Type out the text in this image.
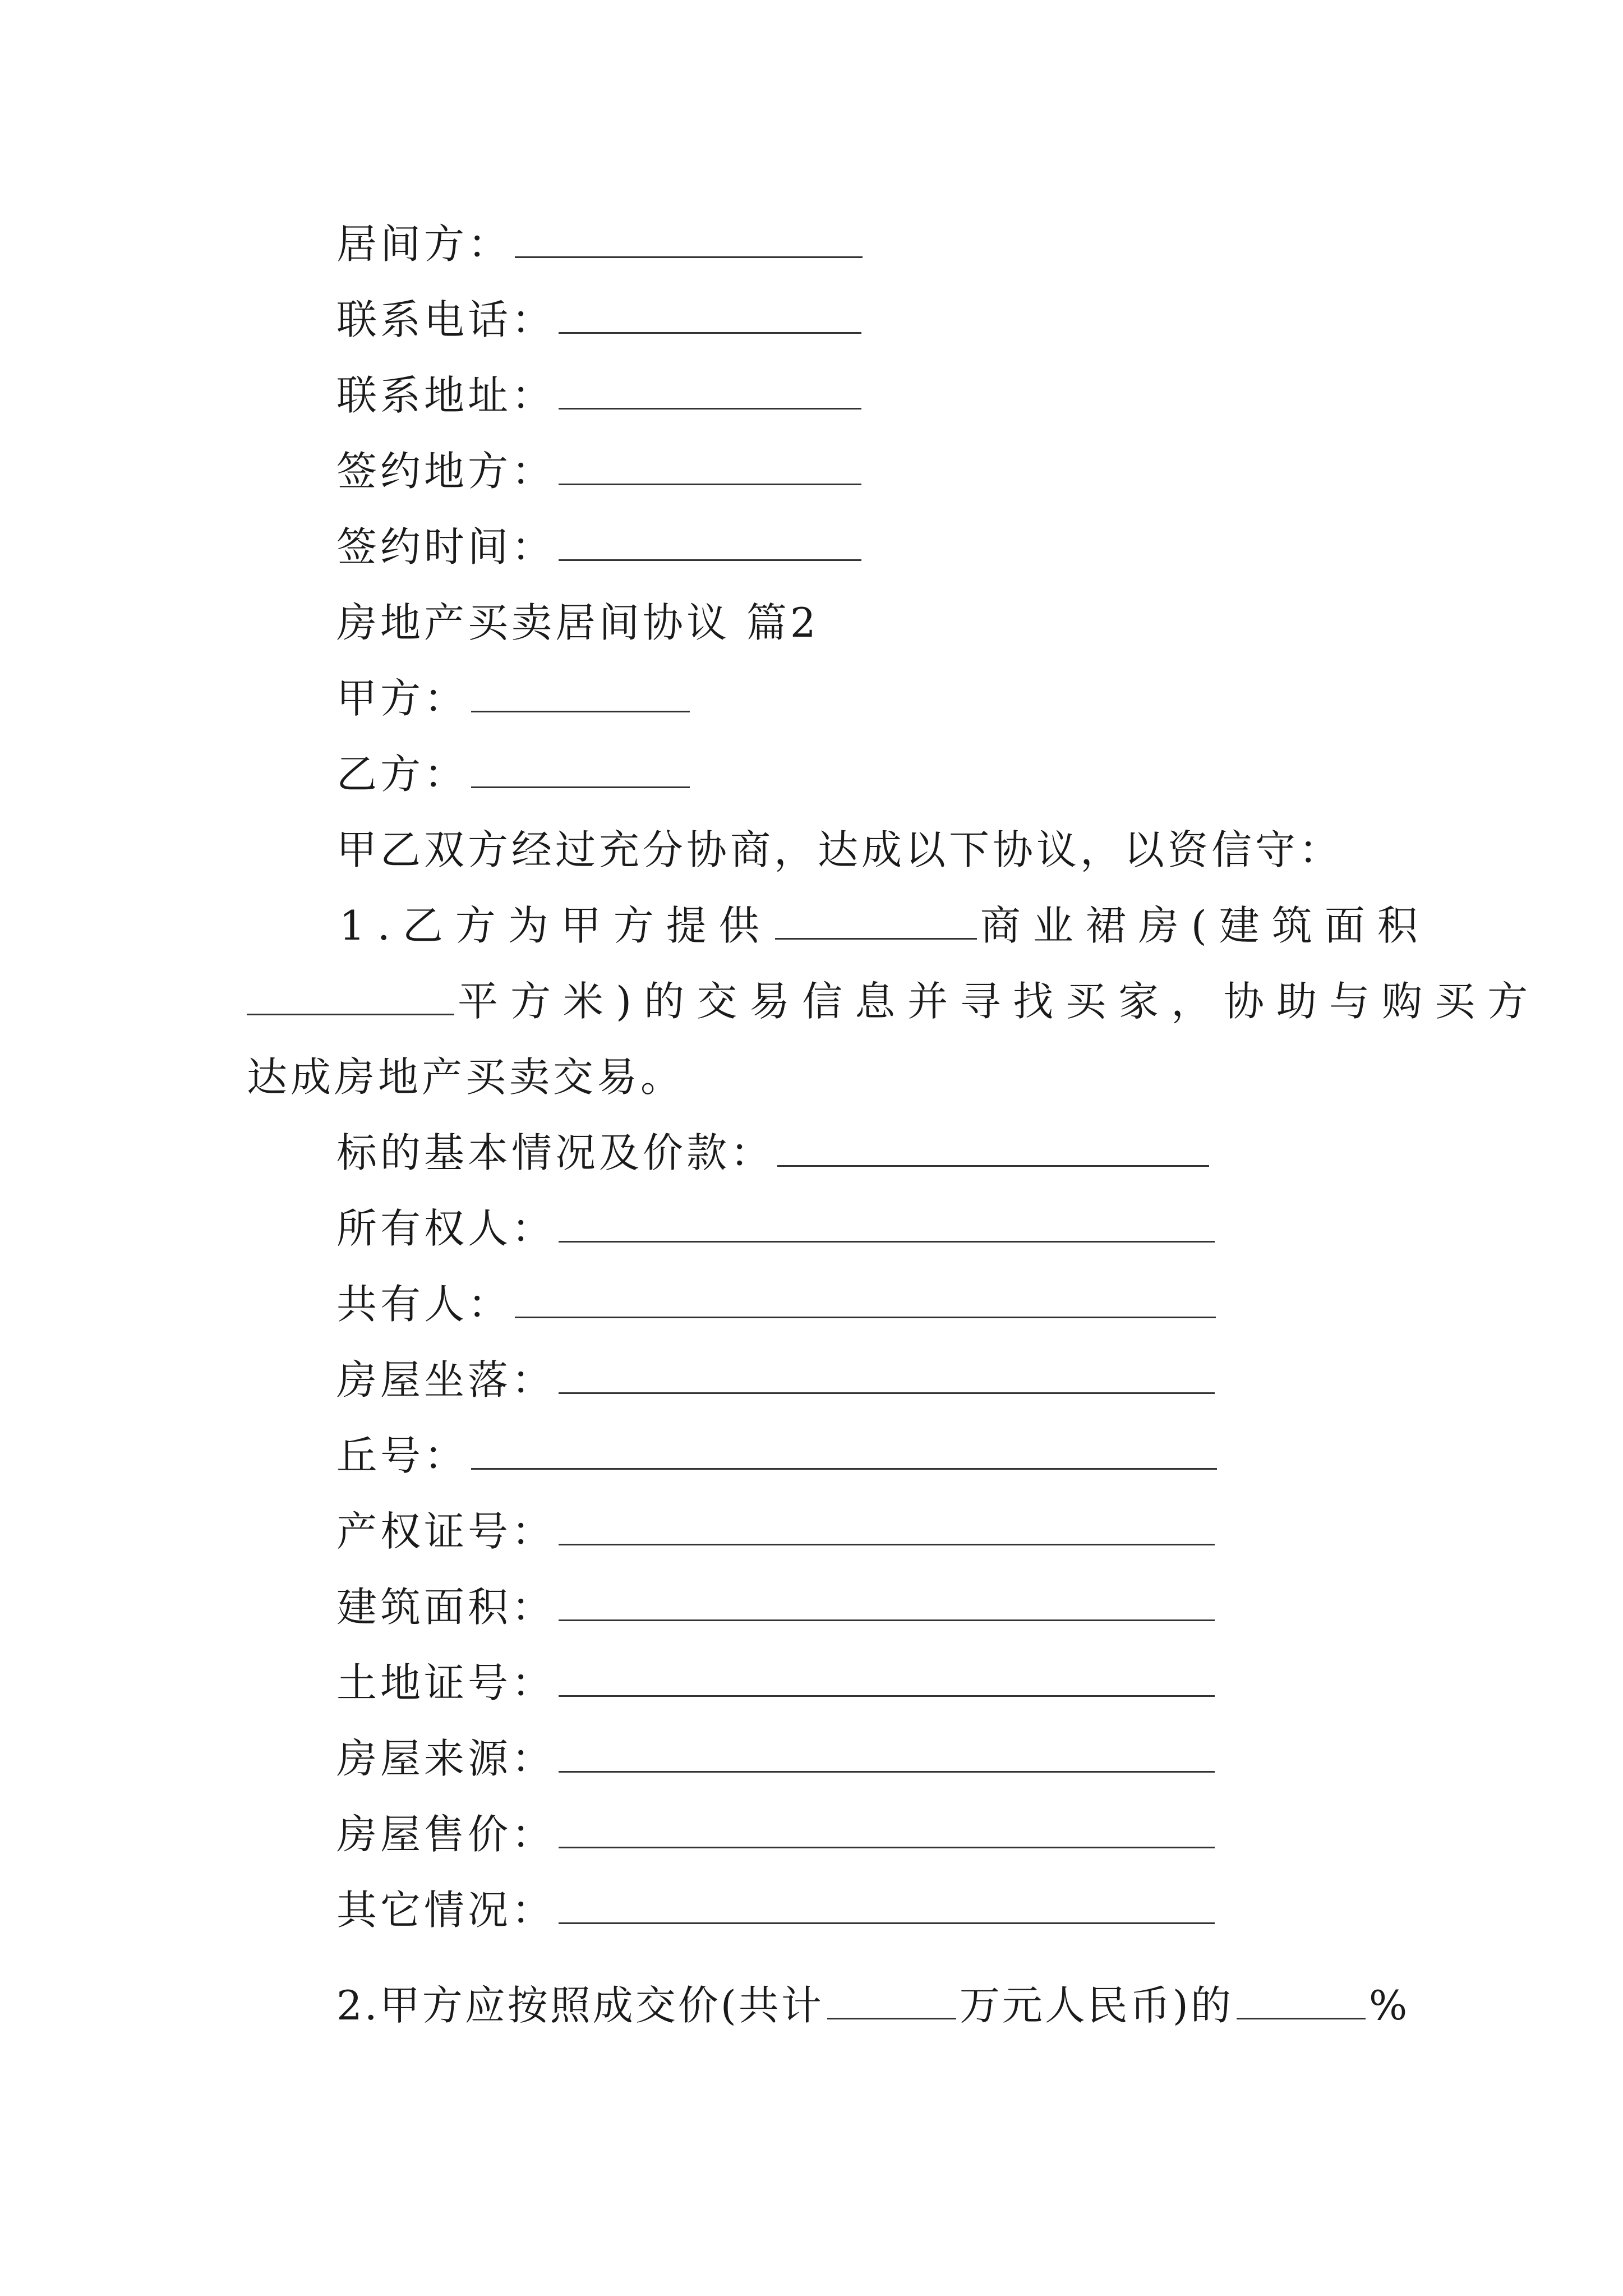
居间方：
联系电话：
联系地址：
签约地方：
签约时间：
房地产买卖居间协议 篇2
甲方：
乙方：
甲乙双方经过充分协商，达成以下协议，以资信守：
1.乙方为甲方提供	商业裙房(建筑面积
平方米)的交易信息并寻找买家，协助与购买方
达成房地产买卖交易。
标的基本情况及价款：
所有权人：
共有人：
房屋坐落：
丘号：
产权证号：
建筑面积：
土地证号：
房屋来源：
房屋售价：
其它情况：
2.甲方应按照成交价(共计	万元人民币)的	%
